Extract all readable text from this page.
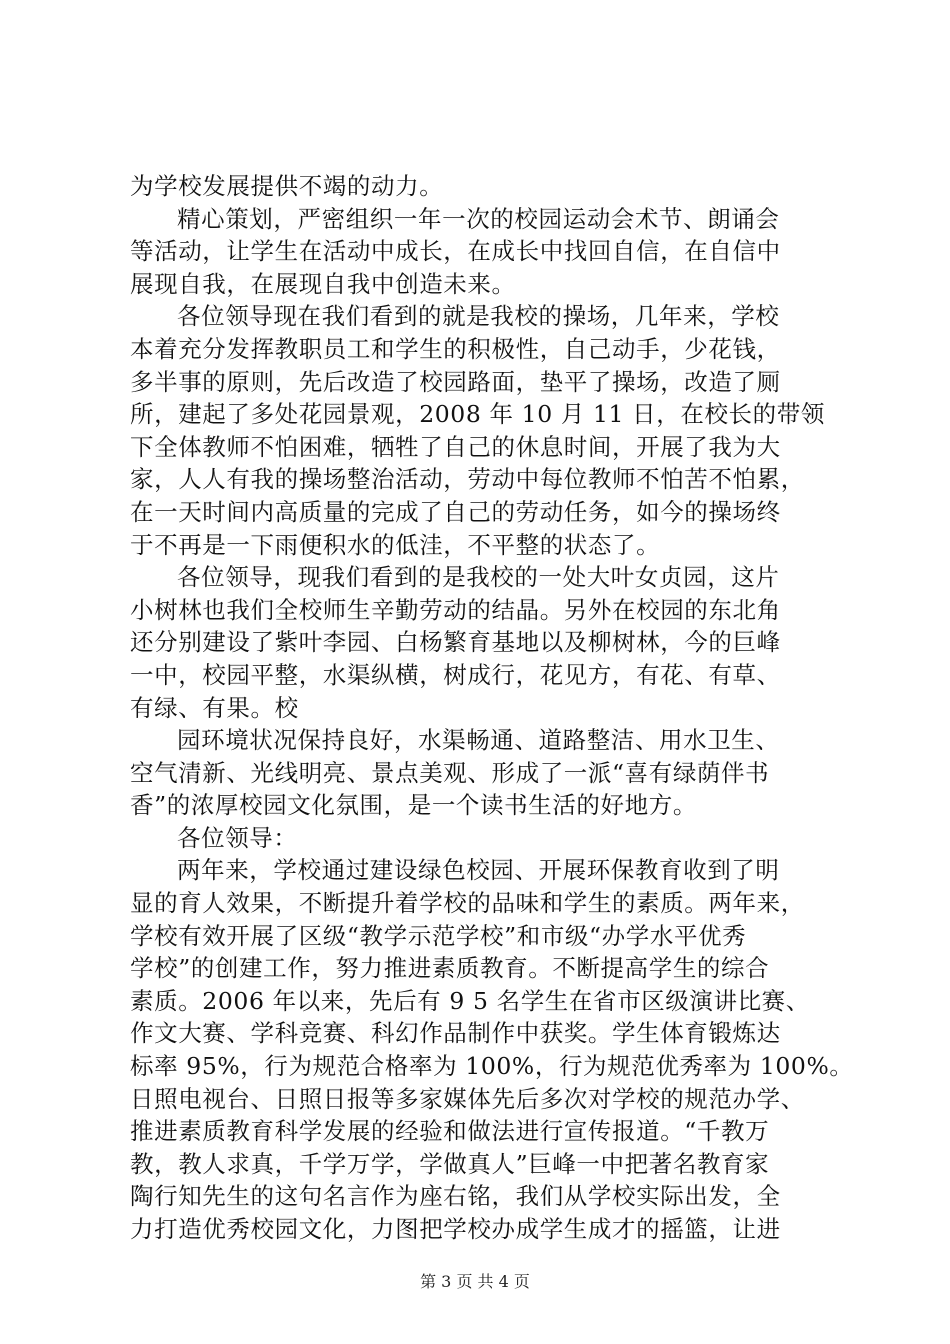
为学校发展提供不竭的动力。
精心策划，严密组织一年一次的校园运动会术节、朗诵会
等活动，让学生在活动中成长，在成长中找回自信，在自信中
展现自我，在展现自我中创造未来。
各位领导现在我们看到的就是我校的操场，几年来，学校
本着充分发挥教职员工和学生的积极性，自己动手，少花钱，
多半事的原则，先后改造了校园路面，垫平了操场，改造了厕
所，建起了多处花园景观，2008 年 10 月 11 日，在校长的带领
下全体教师不怕困难，牺牲了自己的休息时间，开展了我为大
家，人人有我的操场整治活动，劳动中每位教师不怕苦不怕累，
在一天时间内高质量的完成了自己的劳动任务，如今的操场终
于不再是一下雨便积水的低洼，不平整的状态了。
各位领导，现我们看到的是我校的一处大叶女贞园，这片
小树林也我们全校师生辛勤劳动的结晶。另外在校园的东北角
还分别建设了紫叶李园、白杨繁育基地以及柳树林，今的巨峰
一中，校园平整，水渠纵横，树成行，花见方，有花、有草、
有绿、有果。校
园环境状况保持良好，水渠畅通、道路整洁、用水卫生、
空气清新、光线明亮、景点美观、形成了一派“喜有绿荫伴书
香”的浓厚校园文化氛围，是一个读书生活的好地方。
各位领导：
两年来，学校通过建设绿色校园、开展环保教育收到了明
显的育人效果，不断提升着学校的品味和学生的素质。两年来，
学校有效开展了区级“教学示范学校”和市级“办学水平优秀
学校”的创建工作，努力推进素质教育。不断提高学生的综合
素质。2006 年以来，先后有 9 5 名学生在省市区级演讲比赛、
作文大赛、学科竞赛、科幻作品制作中获奖。学生体育锻炼达
标率 95%，行为规范合格率为 100%，行为规范优秀率为 100%。
日照电视台、日照日报等多家媒体先后多次对学校的规范办学、
推进素质教育科学发展的经验和做法进行宣传报道。“千教万
教，教人求真，千学万学，学做真人”巨峰一中把著名教育家
陶行知先生的这句名言作为座右铭，我们从学校实际出发，全
力打造优秀校园文化，力图把学校办成学生成才的摇篮，让进
第 3 页 共 4 页
